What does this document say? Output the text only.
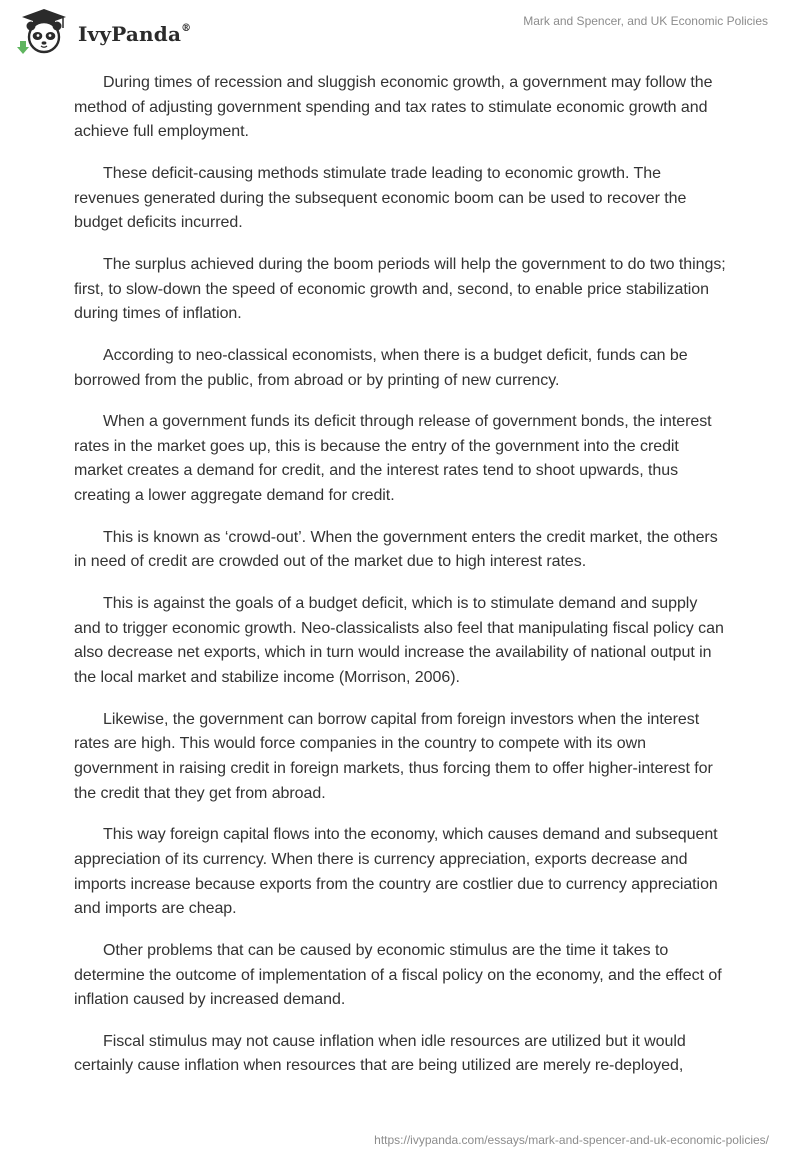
IvyPanda®
Mark and Spencer, and UK Economic Policies

During times of recession and sluggish economic growth, a government may follow the method of adjusting government spending and tax rates to stimulate economic growth and achieve full employment.

These deficit-causing methods stimulate trade leading to economic growth. The revenues generated during the subsequent economic boom can be used to recover the budget deficits incurred.

The surplus achieved during the boom periods will help the government to do two things; first, to slow-down the speed of economic growth and, second, to enable price stabilization during times of inflation.

According to neo-classical economists, when there is a budget deficit, funds can be borrowed from the public, from abroad or by printing of new currency.

When a government funds its deficit through release of government bonds, the interest rates in the market goes up, this is because the entry of the government into the credit market creates a demand for credit, and the interest rates tend to shoot upwards, thus creating a lower aggregate demand for credit.

This is known as ‘crowd-out’. When the government enters the credit market, the others in need of credit are crowded out of the market due to high interest rates.

This is against the goals of a budget deficit, which is to stimulate demand and supply and to trigger economic growth. Neo-classicalists also feel that manipulating fiscal policy can also decrease net exports, which in turn would increase the availability of national output in the local market and stabilize income (Morrison, 2006).

Likewise, the government can borrow capital from foreign investors when the interest rates are high. This would force companies in the country to compete with its own government in raising credit in foreign markets, thus forcing them to offer higher-interest for the credit that they get from abroad.

This way foreign capital flows into the economy, which causes demand and subsequent appreciation of its currency. When there is currency appreciation, exports decrease and imports increase because exports from the country are costlier due to currency appreciation and imports are cheap.

Other problems that can be caused by economic stimulus are the time it takes to determine the outcome of implementation of a fiscal policy on the economy, and the effect of inflation caused by increased demand.

Fiscal stimulus may not cause inflation when idle resources are utilized but it would certainly cause inflation when resources that are being utilized are merely re-deployed,

https://ivypanda.com/essays/mark-and-spencer-and-uk-economic-policies/
